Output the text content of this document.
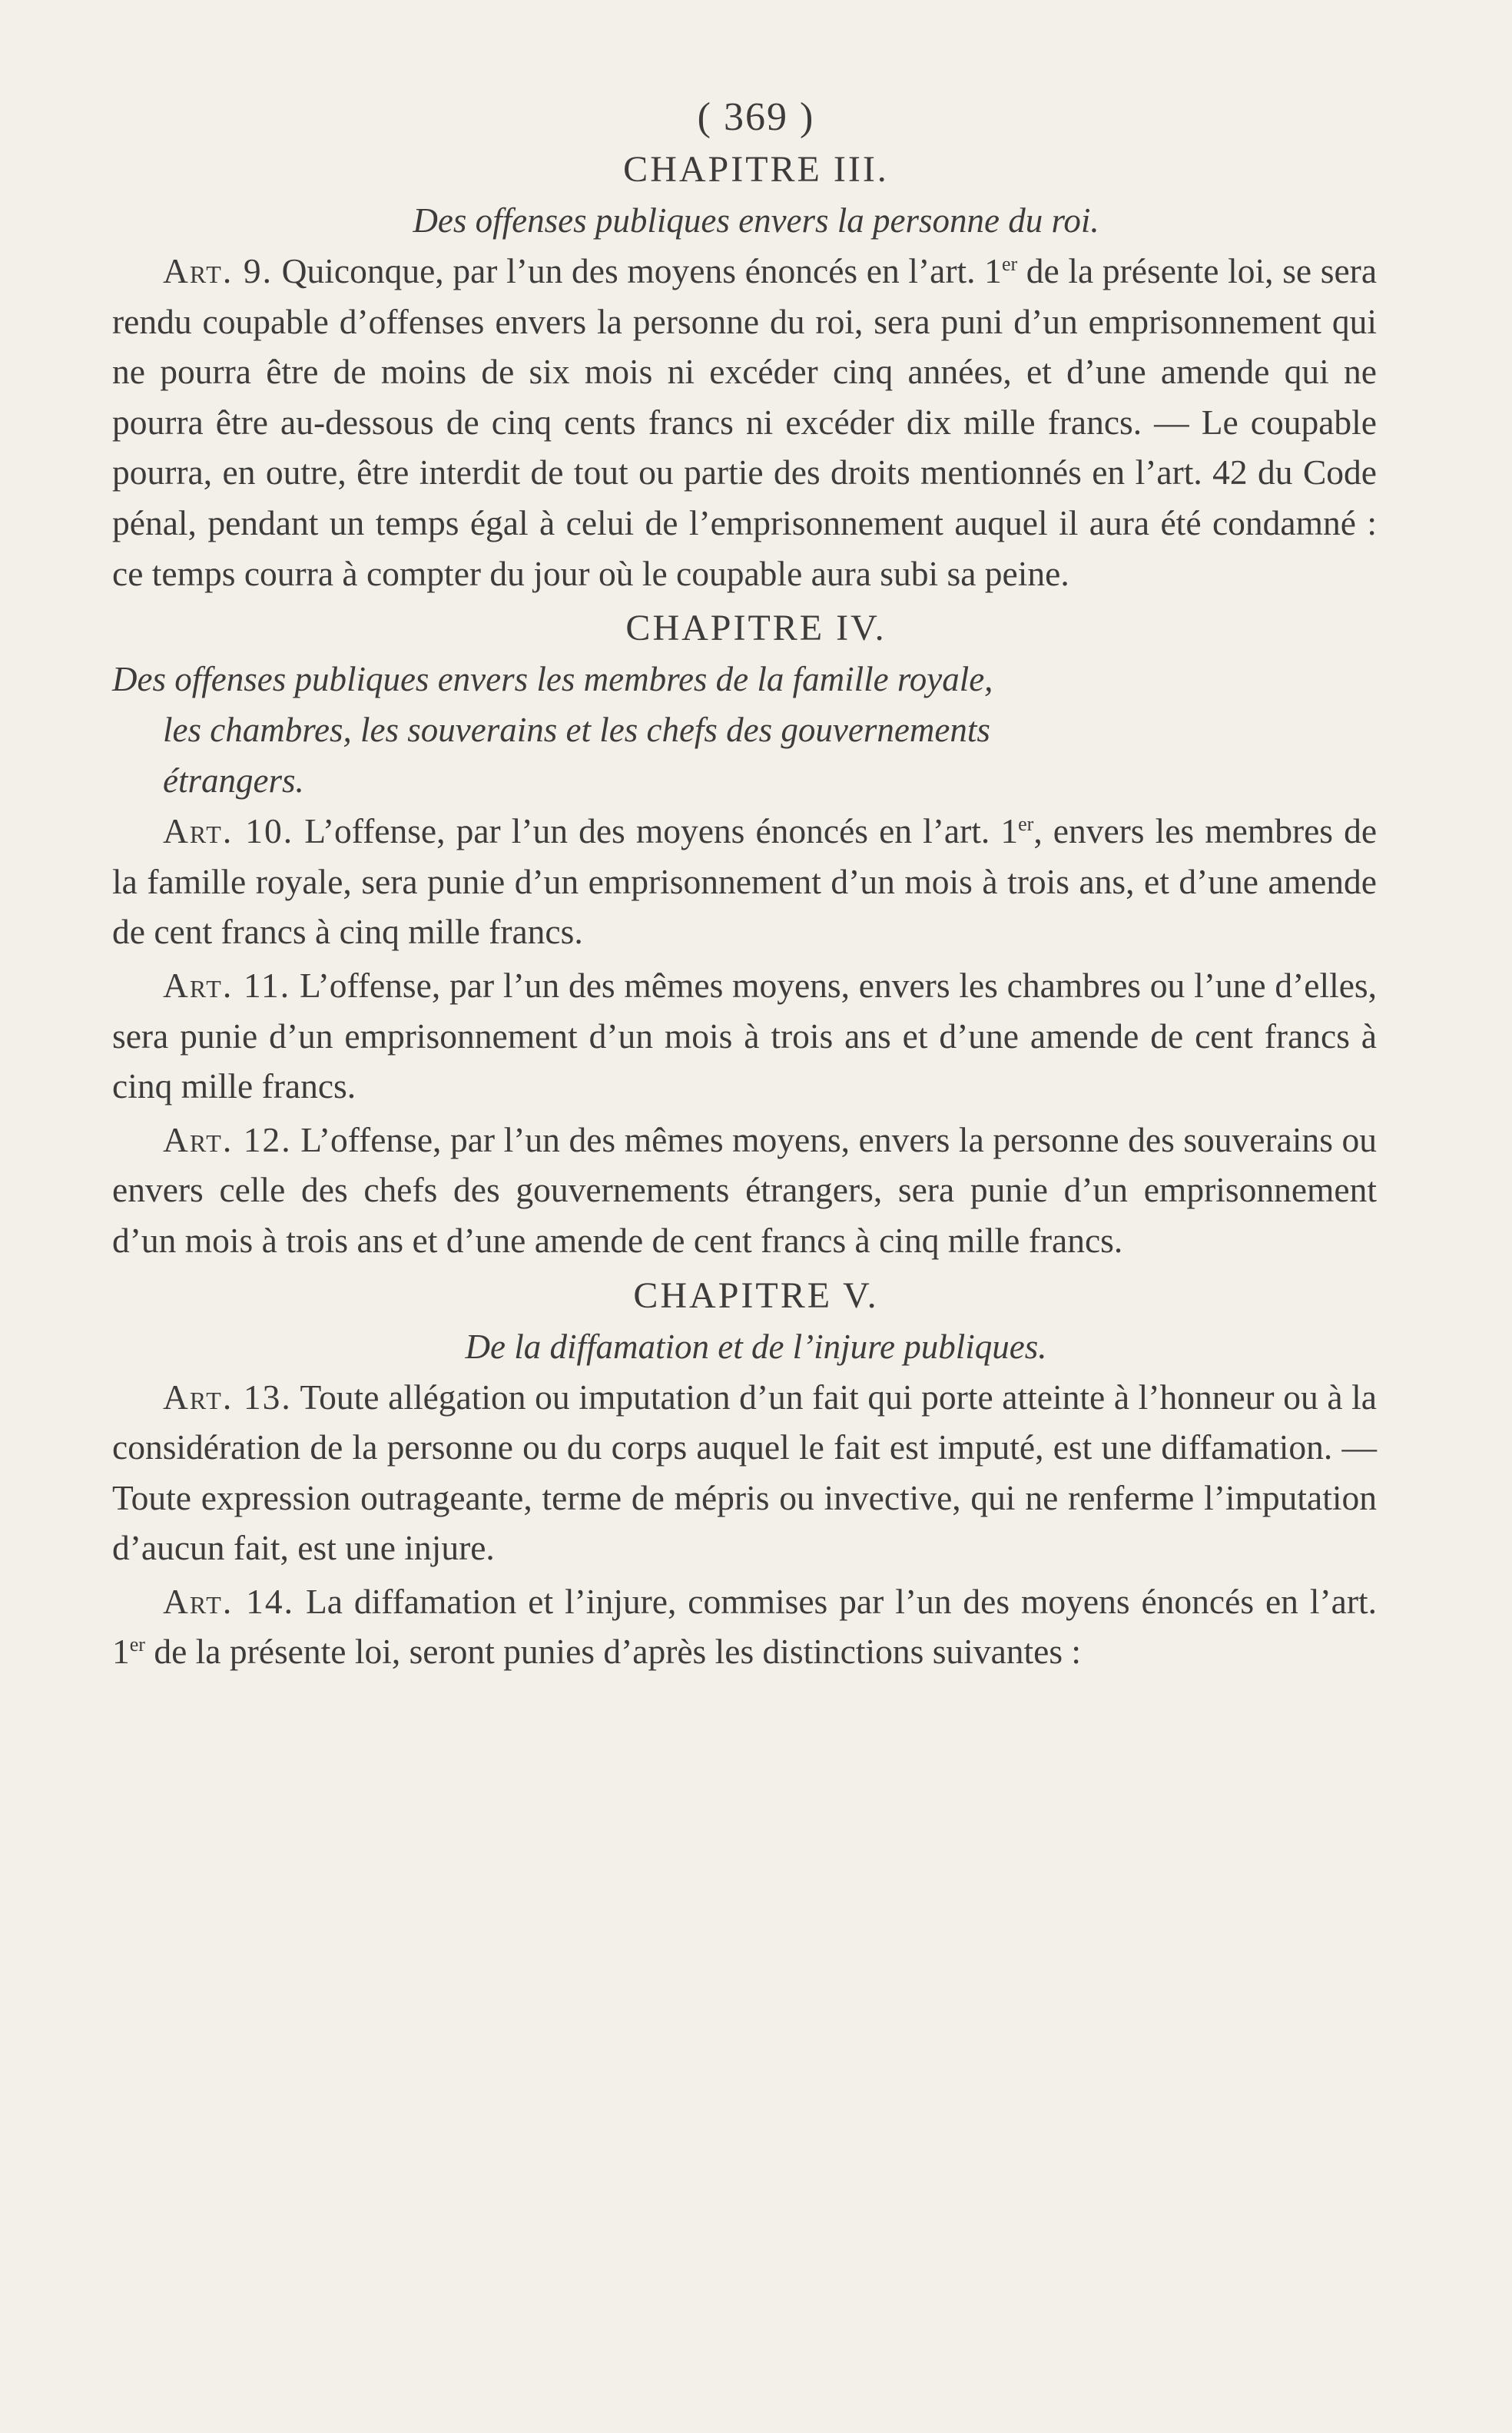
( 369 )
CHAPITRE III.
Des offenses publiques envers la personne du roi.

Art. 9. Quiconque, par l’un des moyens énoncés en l’art. 1er de la présente loi, se sera rendu coupable d’offenses envers la personne du roi, sera puni d’un emprisonnement qui ne pourra être de moins de six mois ni excéder cinq années, et d’une amende qui ne pourra être au-dessous de cinq cents francs ni excéder dix mille francs. — Le coupable pourra, en outre, être interdit de tout ou partie des droits mentionnés en l’art. 42 du Code pénal, pendant un temps égal à celui de l’emprisonnement auquel il aura été condamné : ce temps courra à compter du jour où le coupable aura subi sa peine.

CHAPITRE IV.
Des offenses publiques envers les membres de la famille royale,
les chambres, les souverains et les chefs des gouvernements
étrangers.

Art. 10. L’offense, par l’un des moyens énoncés en l’art. 1er, envers les membres de la famille royale, sera punie d’un emprisonnement d’un mois à trois ans, et d’une amende de cent francs à cinq mille francs.

Art. 11. L’offense, par l’un des mêmes moyens, envers les chambres ou l’une d’elles, sera punie d’un emprisonnement d’un mois à trois ans et d’une amende de cent francs à cinq mille francs.

Art. 12. L’offense, par l’un des mêmes moyens, envers la personne des souverains ou envers celle des chefs des gouvernements étrangers, sera punie d’un emprisonnement d’un mois à trois ans et d’une amende de cent francs à cinq mille francs.

CHAPITRE V.
De la diffamation et de l’injure publiques.

Art. 13. Toute allégation ou imputation d’un fait qui porte atteinte à l’honneur ou à la considération de la personne ou du corps auquel le fait est imputé, est une diffamation. — Toute expression outrageante, terme de mépris ou invective, qui ne renferme l’imputation d’aucun fait, est une injure.

Art. 14. La diffamation et l’injure, commises par l’un des moyens énoncés en l’art. 1er de la présente loi, seront punies d’après les distinctions suivantes :
